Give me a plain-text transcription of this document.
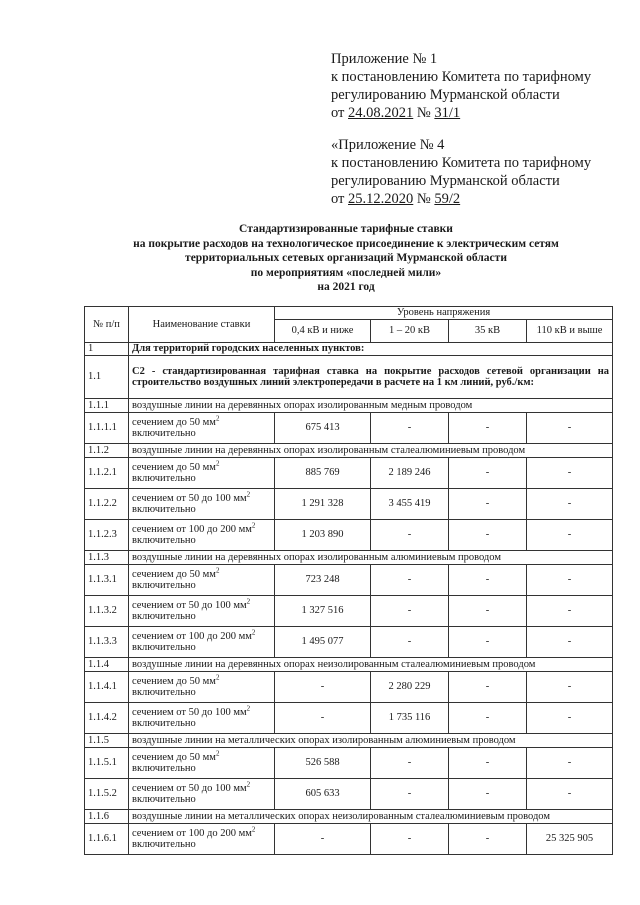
Приложение № 1
к постановлению Комитета по тарифному
регулированию Мурманской области
от 24.08.2021 № 31/1
«Приложение № 4
к постановлению Комитета по тарифному
регулированию Мурманской области
от 25.12.2020 № 59/2
Стандартизированные тарифные ставки
на покрытие расходов на технологическое присоединение к электрическим сетям
территориальных сетевых организаций Мурманской области
по мероприятиям «последней мили»
на 2021 год
№ п/п	Наименование ставки	Уровень напряжения			
		0,4 кВ и ниже	1 – 20 кВ	35 кВ	110 кВ и выше
1	Для территорий городских населенных пунктов:				
1.1	С2 - стандартизированная тарифная ставка на покрытие расходов сетевой организации на строительство воздушных линий электропередачи в расчете на 1 км линий, руб./км:				
1.1.1	воздушные линии на деревянных опорах изолированным медным проводом				
1.1.1.1	сечением до 50 $мм^2$ включительно	675 413	-	-	-
1.1.2	воздушные линии на деревянных опорах изолированным сталеалюминиевым проводом				
1.1.2.1	сечением до 50 $мм^2$ включительно	885 769	2 189 246	-	-
1.1.2.2	сечением от 50 до 100 $мм^2$ включительно	1 291 328	3 455 419	-	-
1.1.2.3	сечением от 100 до 200 $мм^2$ включительно	1 203 890	-	-	-
1.1.3	воздушные линии на деревянных опорах изолированным алюминиевым проводом				
1.1.3.1	сечением до 50 $мм^2$ включительно	723 248	-	-	-
1.1.3.2	сечением от 50 до 100 $мм^2$ включительно	1 327 516	-	-	-
1.1.3.3	сечением от 100 до 200 $мм^2$ включительно	1 495 077	-	-	-
1.1.4	воздушные линии на деревянных опорах неизолированным сталеалюминиевым проводом				
1.1.4.1	сечением до 50 $мм^2$ включительно	-	2 280 229	-	-
1.1.4.2	сечением от 50 до 100 $мм^2$ включительно	-	1 735 116	-	-
1.1.5	воздушные линии на металлических опорах изолированным алюминиевым проводом				
1.1.5.1	сечением до 50 $мм^2$ включительно	526 588	-	-	-
1.1.5.2	сечением от 50 до 100 $мм^2$ включительно	605 633	-	-	-
1.1.6	воздушные линии на металлических опорах неизолированным сталеалюминиевым проводом				
1.1.6.1	сечением от 100 до 200 $мм^2$ включительно	-	-	-	25 325 905
